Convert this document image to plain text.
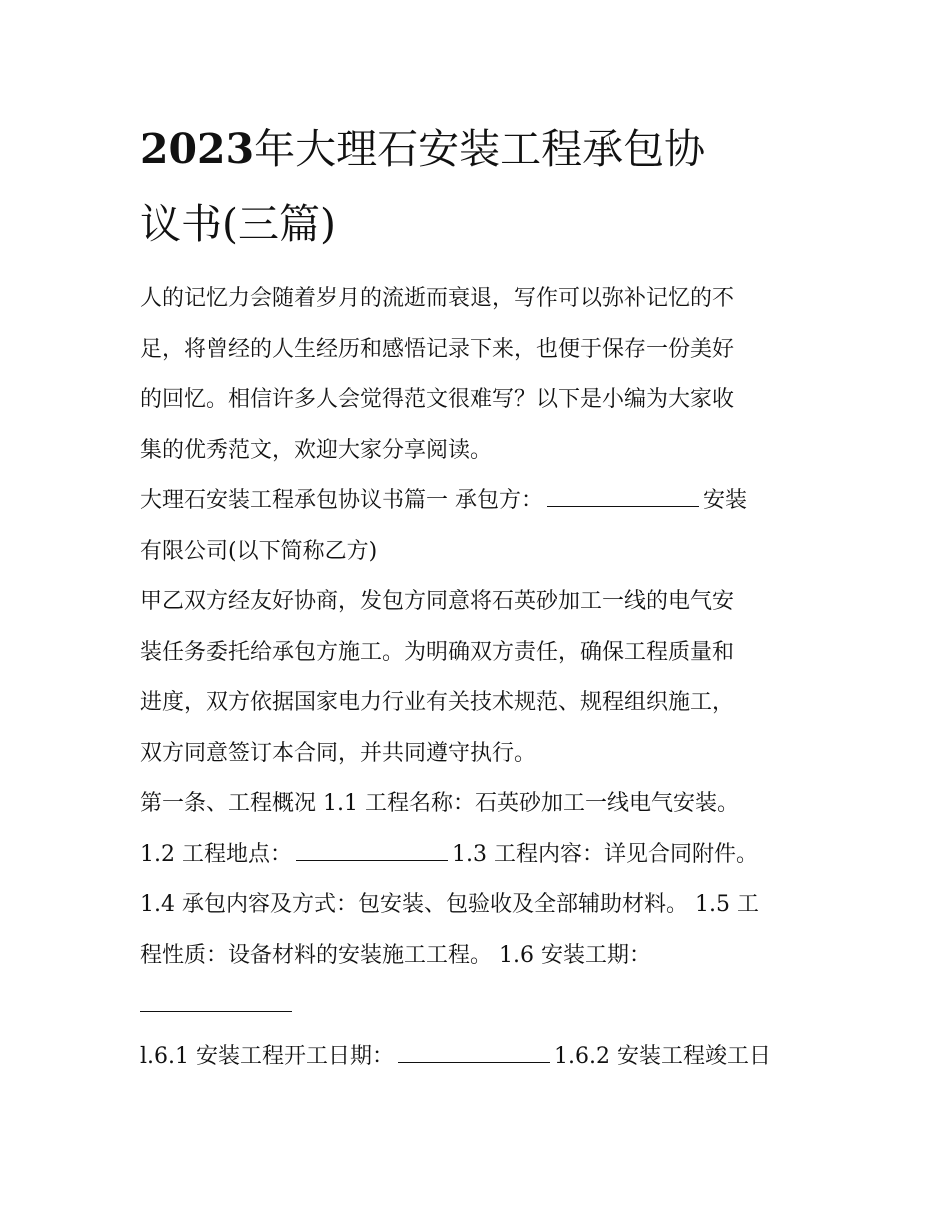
2023年大理石安装工程承包协
议书(三篇)
人的记忆力会随着岁月的流逝而衰退，写作可以弥补记忆的不
足，将曾经的人生经历和感悟记录下来，也便于保存一份美好
的回忆。相信许多人会觉得范文很难写？以下是小编为大家收
集的优秀范文，欢迎大家分享阅读。
大理石安装工程承包协议书篇一 承包方：	安装
有限公司(以下简称乙方)
甲乙双方经友好协商，发包方同意将石英砂加工一线的电气安
装任务委托给承包方施工。为明确双方责任，确保工程质量和
进度，双方依据国家电力行业有关技术规范、规程组织施工，
双方同意签订本合同，并共同遵守执行。
第一条、工程概况 1.1 工程名称：石英砂加工一线电气安装。
1.2 工程地点：	1.3 工程内容：详见合同附件。
1.4 承包内容及方式：包安装、包验收及全部辅助材料。 1.5 工
程性质：设备材料的安装施工工程。 1.6 安装工期：
l.6.1 安装工程开工日期：	1.6.2 安装工程竣工日
